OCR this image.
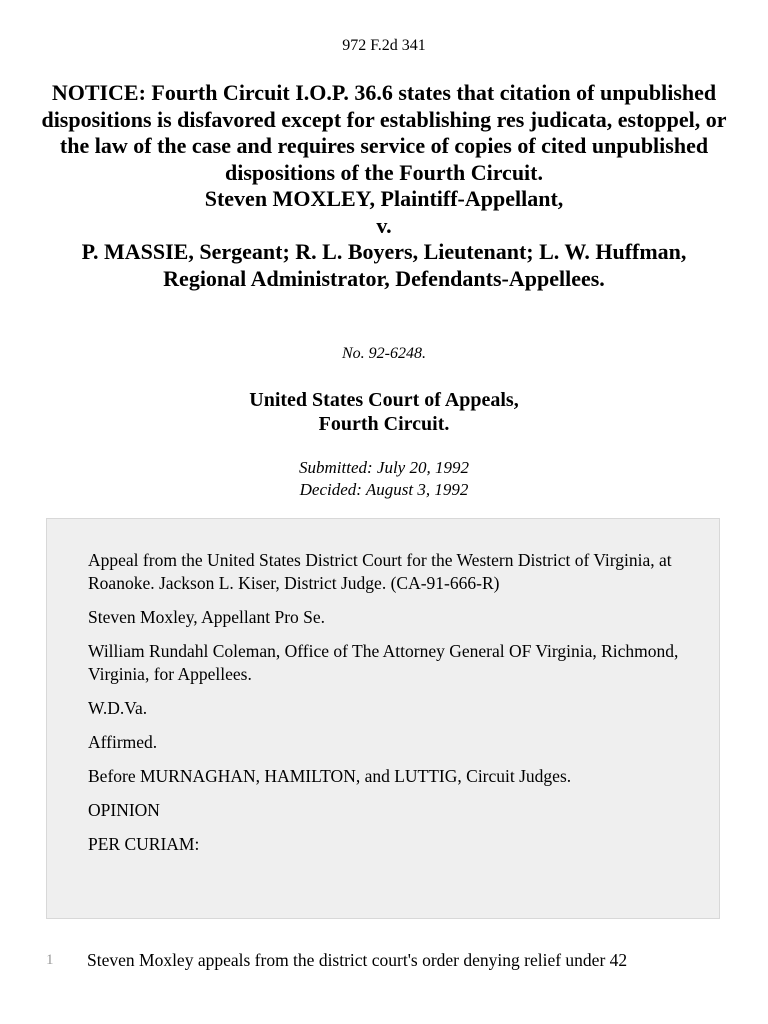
972 F.2d 341
NOTICE: Fourth Circuit I.O.P. 36.6 states that citation of unpublished dispositions is disfavored except for establishing res judicata, estoppel, or the law of the case and requires service of copies of cited unpublished dispositions of the Fourth Circuit.
Steven MOXLEY, Plaintiff-Appellant,
v.
P. MASSIE, Sergeant; R. L. Boyers, Lieutenant; L. W. Huffman, Regional Administrator, Defendants-Appellees.
No. 92-6248.
United States Court of Appeals,
Fourth Circuit.
Submitted: July 20, 1992
Decided: August 3, 1992

Appeal from the United States District Court for the Western District of Virginia, at Roanoke. Jackson L. Kiser, District Judge. (CA-91-666-R)

Steven Moxley, Appellant Pro Se.

William Rundahl Coleman, Office of The Attorney General OF Virginia, Richmond, Virginia, for Appellees.

W.D.Va.

Affirmed.

Before MURNAGHAN, HAMILTON, and LUTTIG, Circuit Judges.

OPINION

PER CURIAM:

1 Steven Moxley appeals from the district court's order denying relief under 42
